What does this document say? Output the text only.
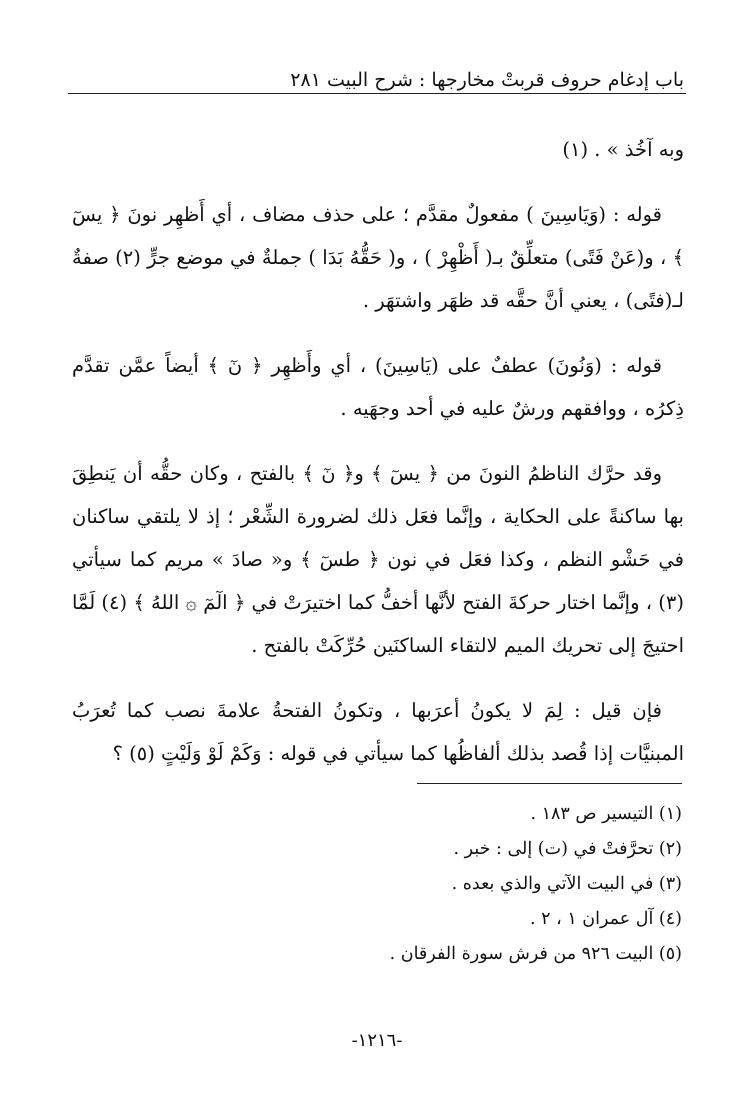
باب إدغام حروف قربتْ مخارجها : شرح البيت ٢٨١

وبه آخُذ » . (١)

قوله : (وَيَاسِينَ ) مفعولٌ مقدَّم ؛ على حذف مضاف ، أي أَظهِر نونَ ﴿ يسٓ ﴾ ، و(عَنْ فَتًى) متعلِّقٌ بـ( أَظْهِرْ ) ، و( حَقُّهُ بَدَا ) جملةٌ في موضع جرٍّ (٢) صفةٌ لـ(فتًى) ، يعني أنَّ حقَّه قد ظهَر واشتهَر .

قوله : (وَنُونَ) عطفٌ على (يَاسِينَ) ، أي وأَظهِر ﴿ نٓ ﴾ أيضاً عمَّن تقدَّم ذِكرُه ، ووافقهم ورشٌ عليه في أحد وجهَيه .

وقد حرَّك الناظمُ النونَ من ﴿ يسٓ ﴾ و﴿ نٓ ﴾ بالفتح ، وكان حقُّه أن يَنطِقَ بها ساكنةً على الحكاية ، وإنَّما فعَل ذلك لضرورة الشِّعْر ؛ إذ لا يلتقي ساكنان في حَشْو النظم ، وكذا فعَل في نون ﴿ طسٓ ﴾ و« صادَ » مريم كما سيأتي (٣) ، وإنَّما اختار حركةَ الفتح لأنَّها أخفُّ كما اختيرَتْ في ﴿ الٓمٓ ۞ اللهُ ﴾ (٤) لَمَّا احتيجَ إلى تحريك الميم لالتقاء الساكنَين حُرِّكَتْ بالفتح .

فإن قيل : لِمَ لا يكونُ أعرَبها ، وتكونُ الفتحةُ علامةَ نصب كما تُعرَبُ المبنيَّات إذا قُصد بذلك ألفاظُها كما سيأتي في قوله : وَكَمْ لَوْ وَلَيْتٍ (٥) ؟

(١) التيسير ص ١٨٣ .

(٢) تحرَّفتْ في (ت) إلى : خبر .

(٣) في البيت الآتي والذي بعده .

(٤) آل عمران ١ ، ٢ .

(٥) البيت ٩٢٦ من فرش سورة الفرقان .

-١٢١٦-
